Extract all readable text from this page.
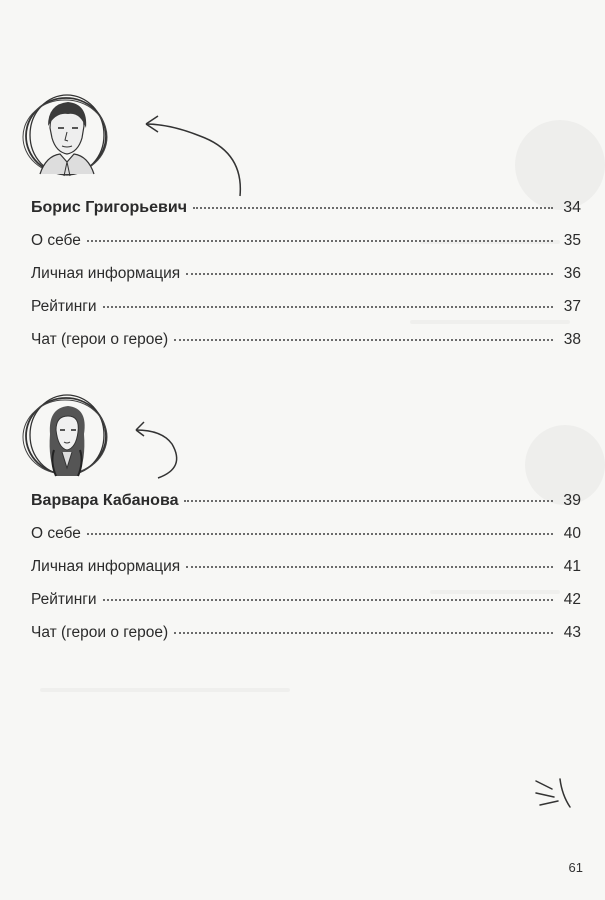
Борис Григорьевич	34
О себе	35
Личная информация	36
Рейтинги	37
Чат (герои о герое)	38
Варвара Кабанова	39
О себе	40
Личная информация	41
Рейтинги	42
Чат (герои о герое)	43
61
